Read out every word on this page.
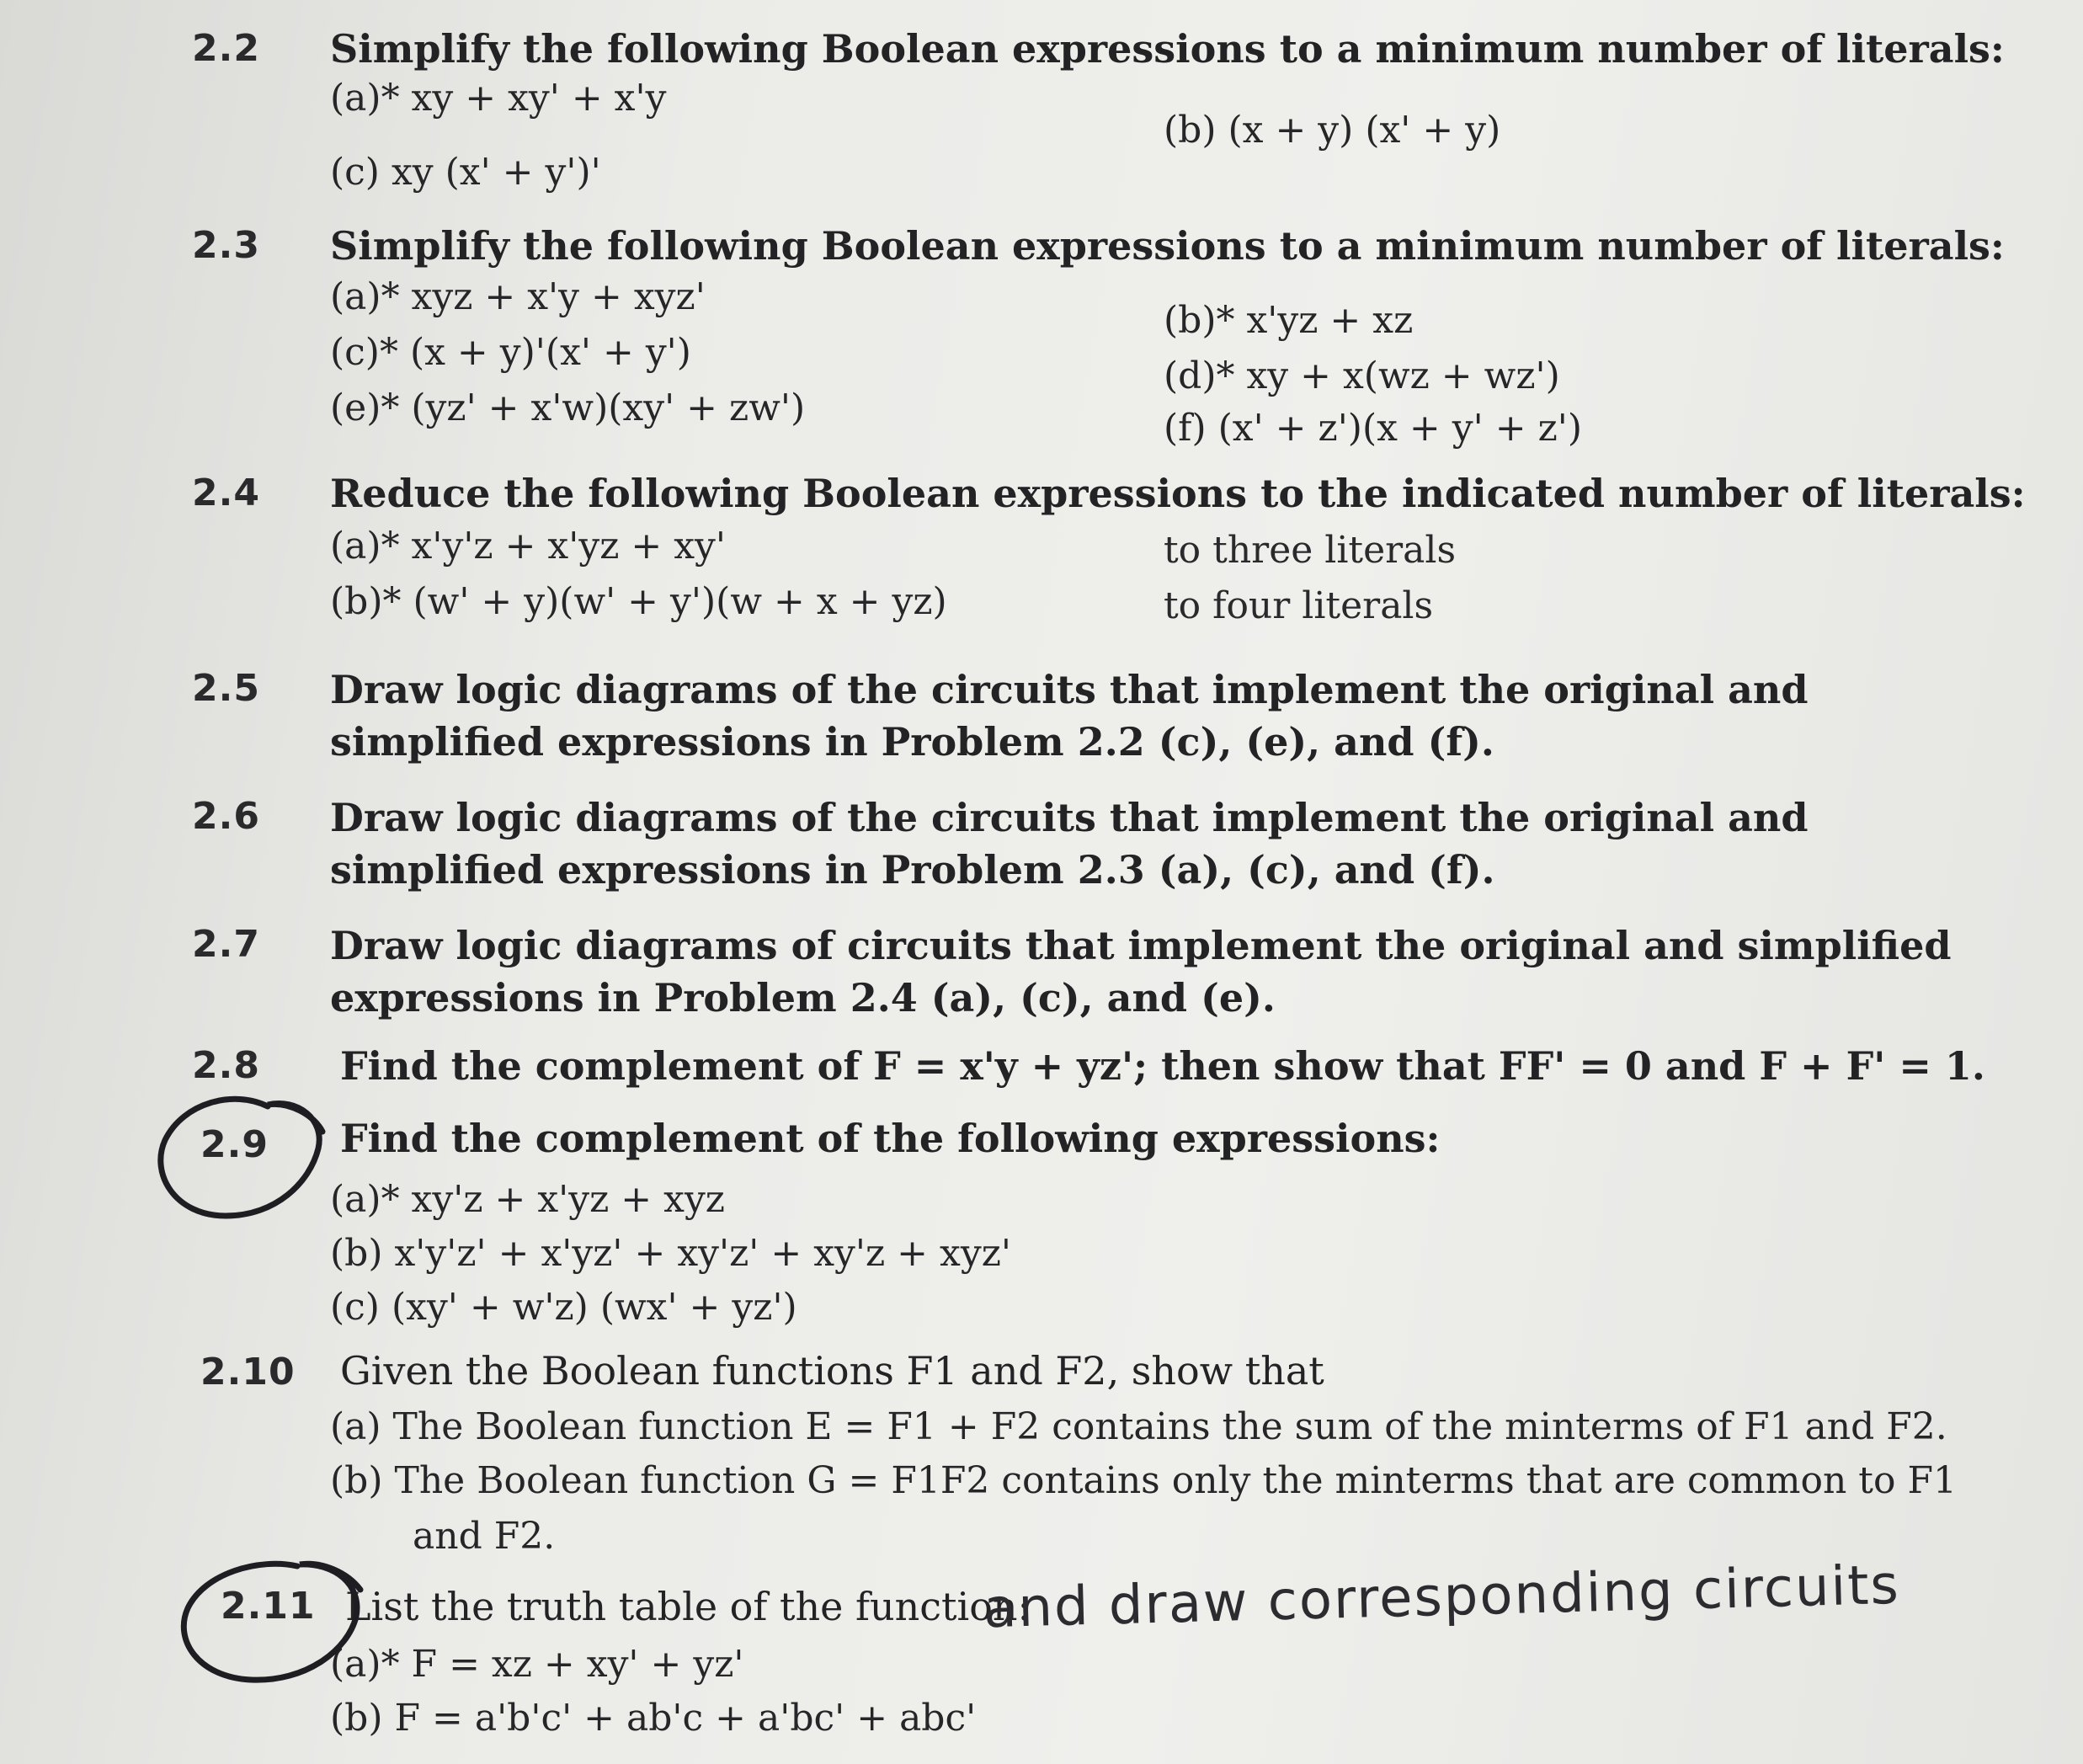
2.2 Simplify the following Boolean expressions to a minimum number of literals:
(a)* xy + xy' + x'y
(b) (x + y) (x' + y)
(c) xy (x' + y')'
2.3 Simplify the following Boolean expressions to a minimum number of literals:
(a)* xyz + x'y + xyz'
(b)* x'yz + xz
(c)* (x + y)'(x' + y')
(d)* xy + x(wz + wz')
(e)* (yz' + x'w)(xy' + zw')	(f) (x' + z')(x + y' + z')
2.4 Reduce the following Boolean expressions to the indicated number of literals:
(a)* x'y'z + x'yz + xy'	to three literals
(b)* (w' + y)(w' + y')(w + x + yz)	to four literals
2.5 Draw logic diagrams of the circuits that implement the original and simplified expressions in Problem 2.2 (c), (e), and (f).
2.6 Draw logic diagrams of the circuits that implement the original and simplified expressions in Problem 2.3 (a), (c), and (f).
2.7 Draw logic diagrams of circuits that implement the original and simplified expressions in Problem 2.4 (a), (c), and (e).
2.8 Find the complement of F = x'y + yz'; then show that FF' = 0 and F + F' = 1.
2.9 Find the complement of the following expressions:
(a)* xy'z + x'yz + xyz
(b) x'y'z' + x'yz' + xy'z' + xy'z + xyz'
(c) (xy' + w'z) (wx' + yz')
2.10 Given the Boolean functions F1 and F2, show that
(a) The Boolean function E = F1 + F2 contains the sum of the minterms of F1 and F2.
(b) The Boolean function G = F1F2 contains only the minterms that are common to F1
and F2.
2.11 List the truth table of the function:
and draw corresponding circuits
(a)* F = xz + xy' + yz'
(b) F = a'b'c' + ab'c + a'bc' + abc'
